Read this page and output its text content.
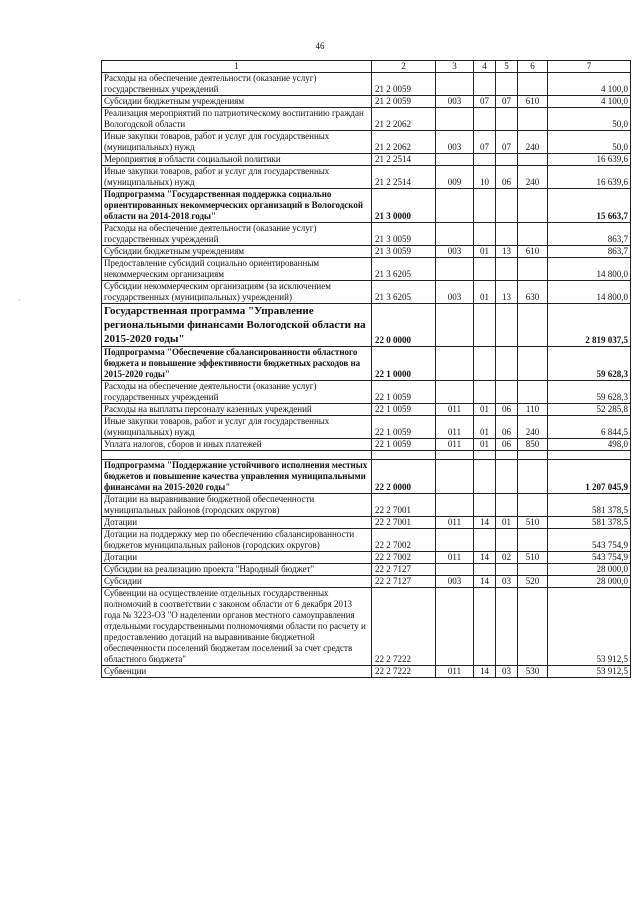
46
1	2	3	4	5	6	7
Расходы на обеспечение деятельности (оказание услуг) государственных учреждений	21 2 0059					4 100,0
Субсидии бюджетным учреждениям	21 2 0059	003	07	07	610	4 100,0
Реализация мероприятий по патриотическому воспитанию граждан Вологодской области	21 2 2062					50,0
Иные закупки товаров, работ и услуг для государственных (муниципальных) нужд	21 2 2062	003	07	07	240	50,0
Мероприятия в области социальной политики	21 2 2514					16 639,6
Иные закупки товаров, работ и услуг для государственных (муниципальных) нужд	21 2 2514	009	10	06	240	16 639,6
Подпрограмма "Государственная поддержка социально ориентированных некоммерческих организаций в Вологодской области на 2014-2018 годы"	21 3 0000					15 663,7
Расходы на обеспечение деятельности (оказание услуг) государственных учреждений	21 3 0059					863,7
Субсидии бюджетным учреждениям	21 3 0059	003	01	13	610	863,7
Предоставление субсидий социально ориентированным некоммерческим организациям	21 3 6205					14 800,0
Субсидии некоммерческим организациям (за исключением государственных (муниципальных) учреждений)	21 3 6205	003	01	13	630	14 800,0
Государственная программа "Управление региональными финансами Вологодской области на 2015-2020 годы"	22 0 0000					2 819 037,5
Подпрограмма "Обеспечение сбалансированности областного бюджета и повышение эффективности бюджетных расходов на 2015-2020 годы"	22 1 0000					59 628,3
Расходы на обеспечение деятельности (оказание услуг) государственных учреждений	22 1 0059					59 628,3
Расходы на выплаты персоналу казенных учреждений	22 1 0059	011	01	06	110	52 285,8
Иные закупки товаров, работ и услуг для государственных (муниципальных) нужд	22 1 0059	011	01	06	240	6 844,5
Уплата налогов, сборов и иных платежей	22 1 0059	011	01	06	850	498,0

Подпрограмма "Поддержание устойчивого исполнения местных бюджетов и повышение качества управления муниципальными финансами на 2015-2020 годы"	22 2 0000					1 207 045,9
Дотации на выравнивание бюджетной обеспеченности муниципальных районов (городских округов)	22 2 7001					581 378,5
Дотации	22 2 7001	011	14	01	510	581 378,5
Дотации на поддержку мер по обеспечению сбалансированности бюджетов муниципальных районов (городских округов)	22 2 7002					543 754,9
Дотации	22 2 7002	011	14	02	510	543 754,9
Субсидии на реализацию проекта "Народный бюджет"	22 2 7127					28 000,0
Субсидии	22 2 7127	003	14	03	520	28 000,0
Субвенции на осуществление отдельных государственных полномочий в соответствии с законом области от 6 декабря 2013 года № 3223-ОЗ "О наделении органов местного самоуправления отдельными государственными полномочиями области по расчету и предоставлению дотаций на выравнивание бюджетной обеспеченности поселений бюджетам поселений за счет средств областного бюджета"	22 2 7222					53 912,5
Субвенции	22 2 7222	011	14	03	530	53 912,5
·
